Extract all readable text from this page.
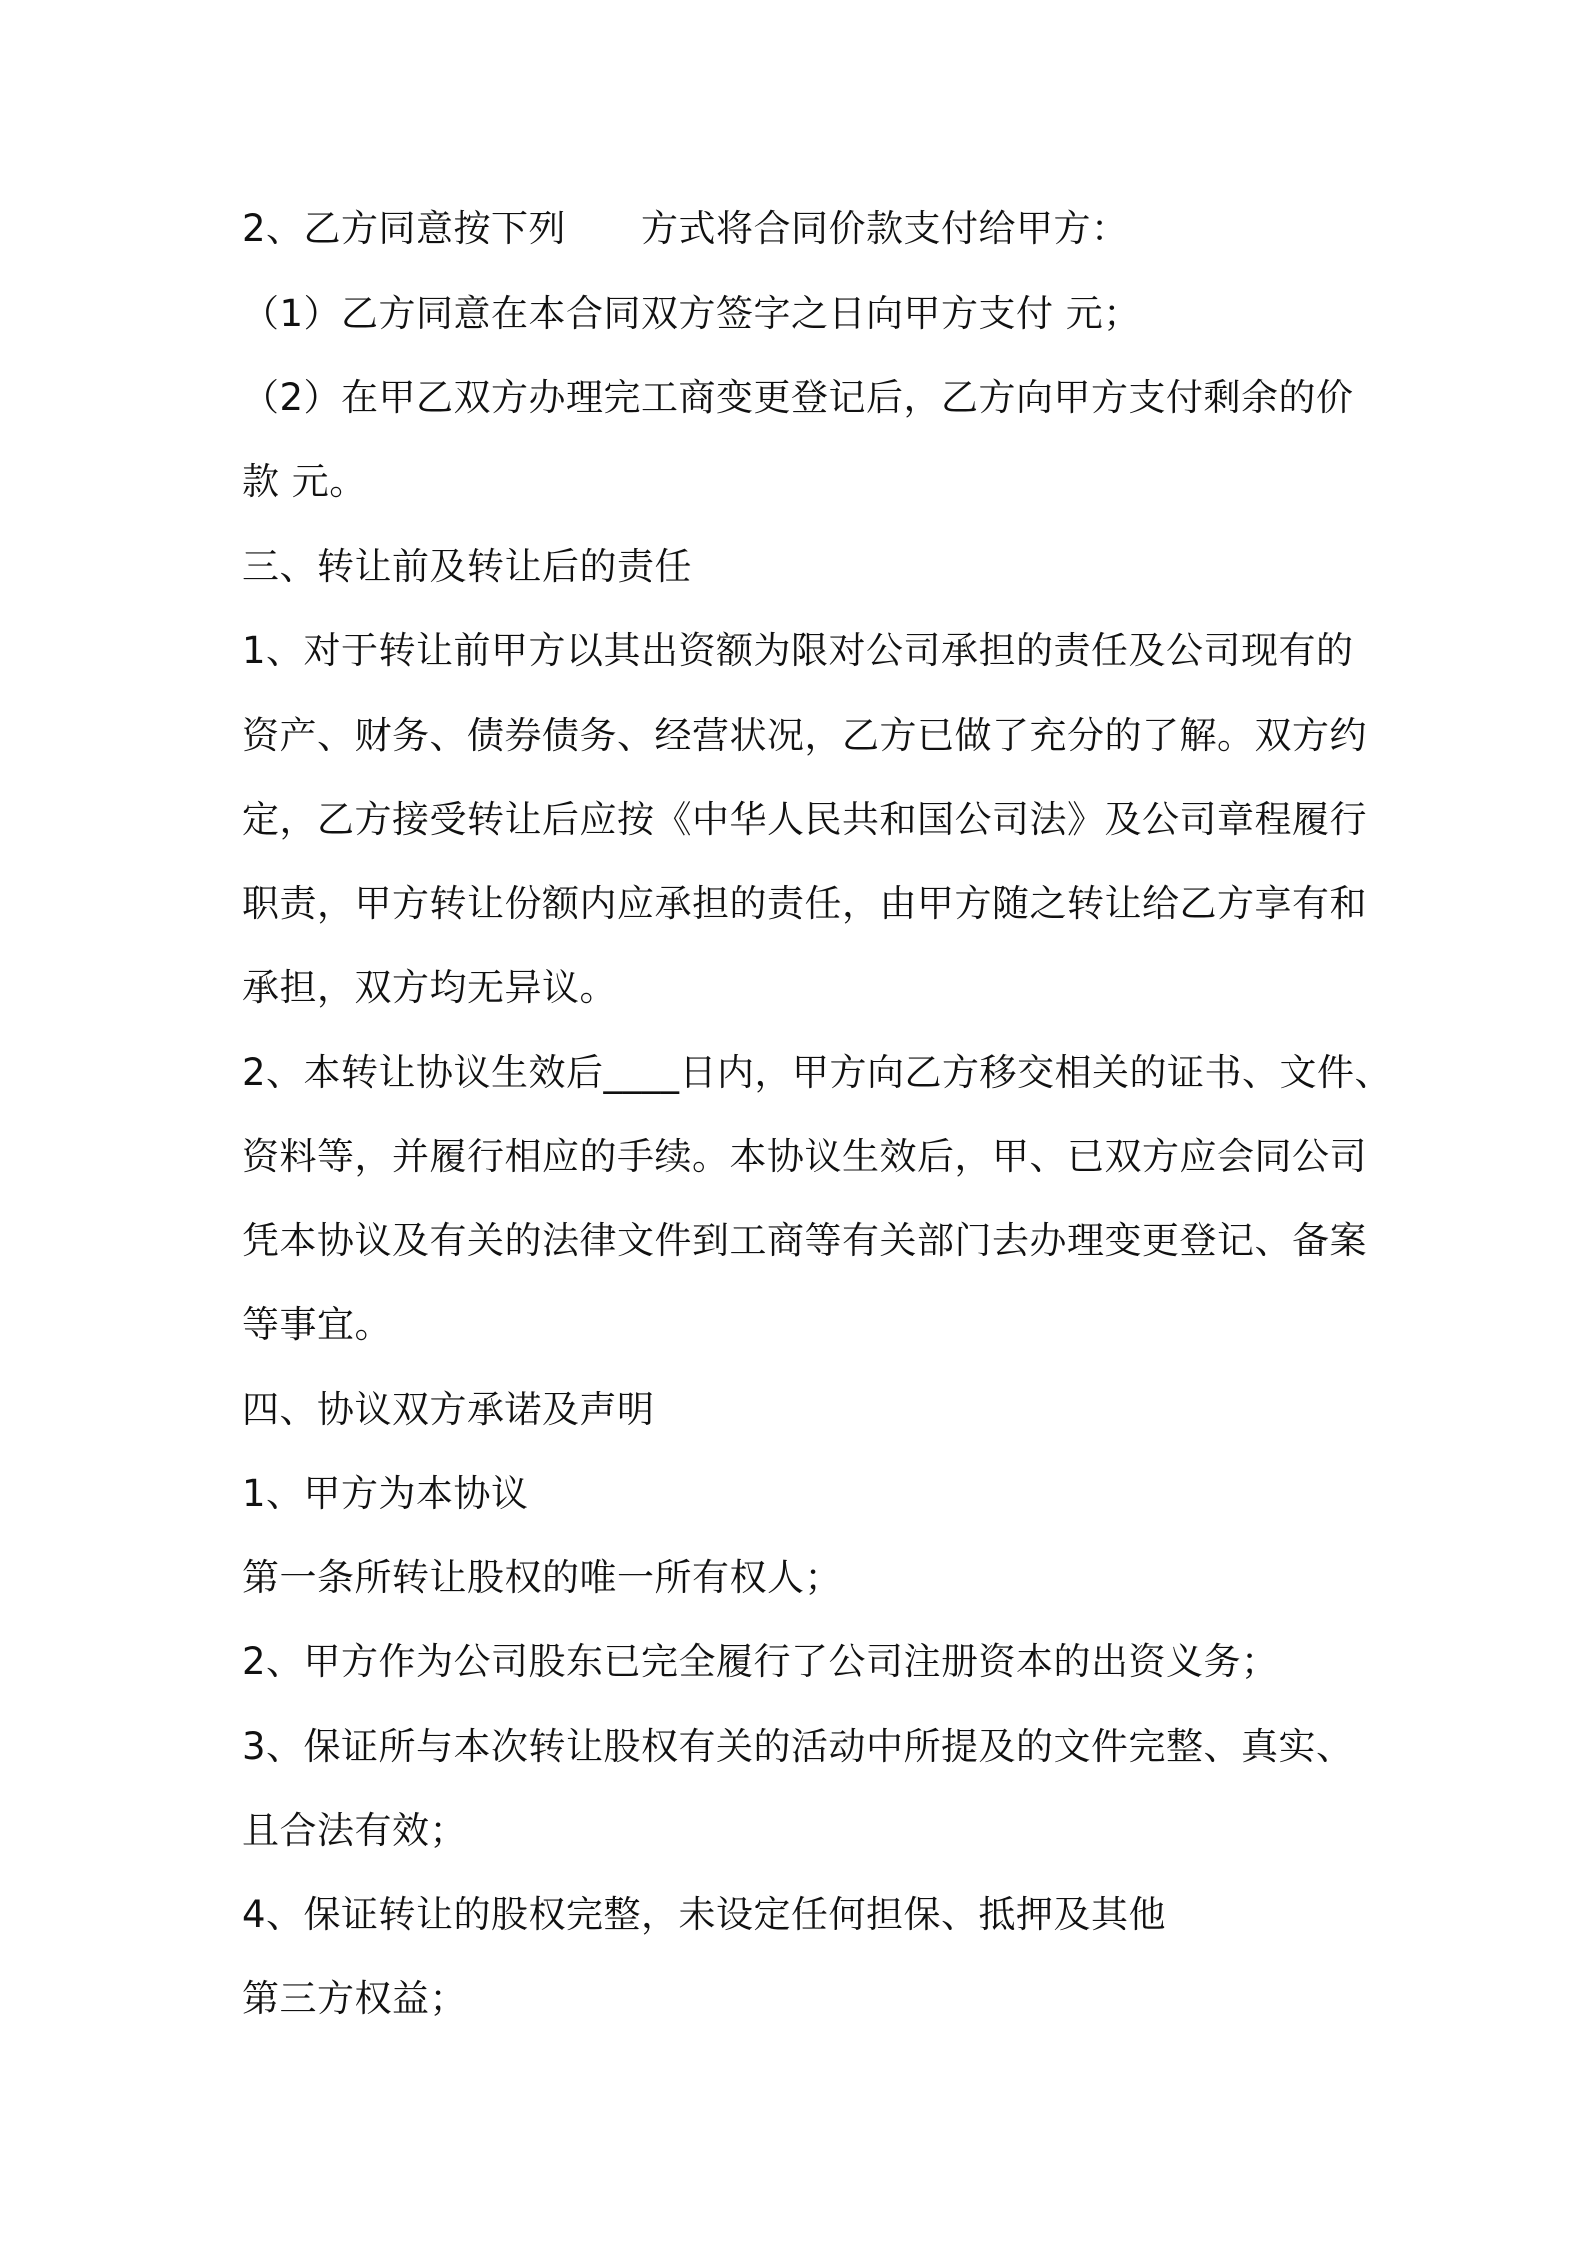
2、乙方同意按下列　　方式将合同价款支付给甲方：
（1）乙方同意在本合同双方签字之日向甲方支付 元；
（2）在甲乙双方办理完工商变更登记后，乙方向甲方支付剩余的价
款 元。
三、转让前及转让后的责任
1、对于转让前甲方以其出资额为限对公司承担的责任及公司现有的
资产、财务、债券债务、经营状况，乙方已做了充分的了解。双方约
定，乙方接受转让后应按《中华人民共和国公司法》及公司章程履行
职责，甲方转让份额内应承担的责任，由甲方随之转让给乙方享有和
承担，双方均无异议。
2、本转让协议生效后____日内，甲方向乙方移交相关的证书、文件、
资料等，并履行相应的手续。本协议生效后，甲、已双方应会同公司
凭本协议及有关的法律文件到工商等有关部门去办理变更登记、备案
等事宜。
四、协议双方承诺及声明
1、甲方为本协议
第一条所转让股权的唯一所有权人；
2、甲方作为公司股东已完全履行了公司注册资本的出资义务；
3、保证所与本次转让股权有关的活动中所提及的文件完整、真实、
且合法有效；
4、保证转让的股权完整，未设定任何担保、抵押及其他
第三方权益；
